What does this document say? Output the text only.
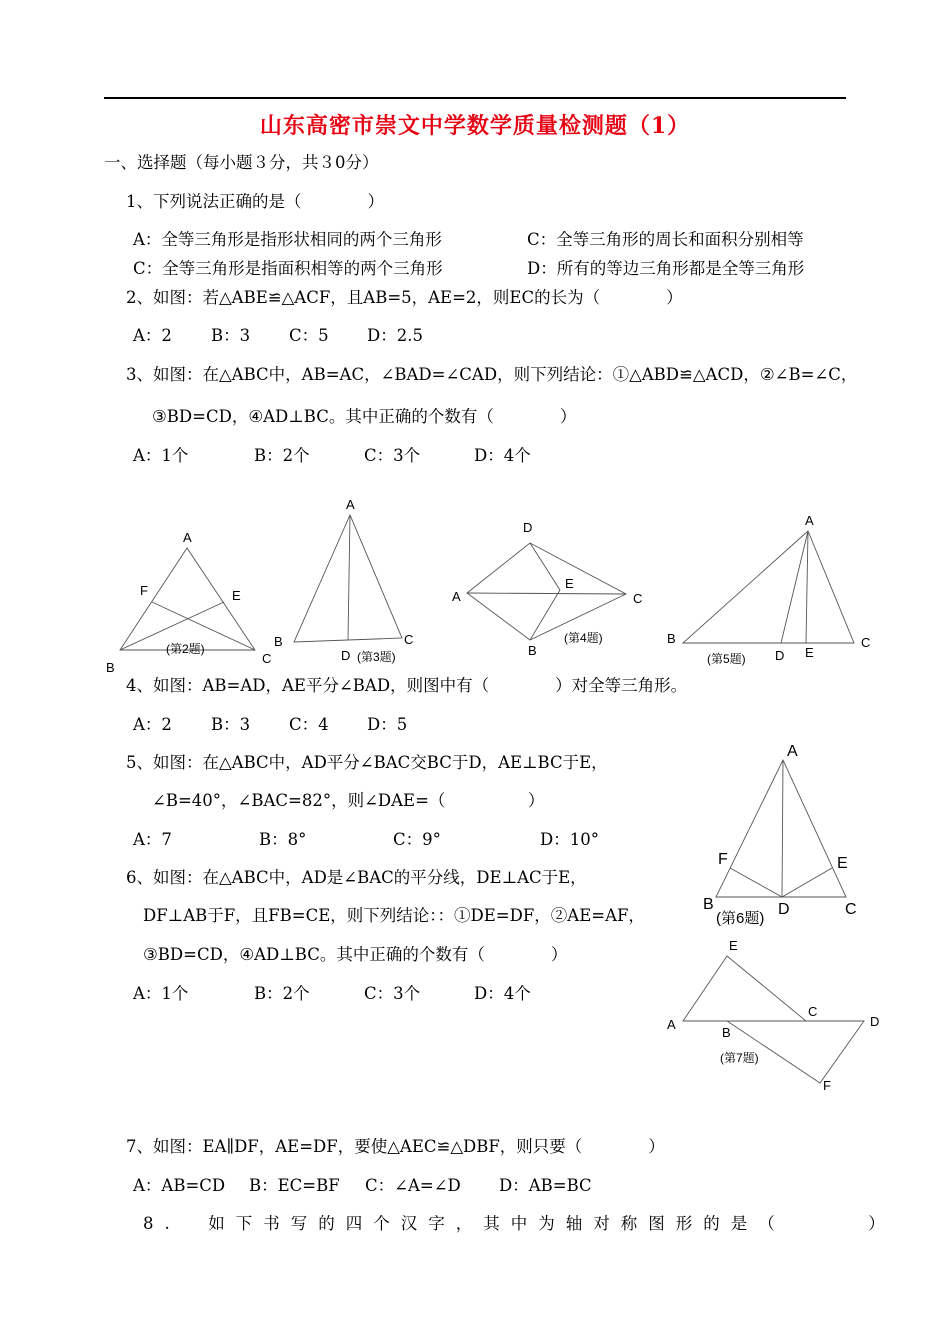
山东高密市崇文中学数学质量检测题（1）
一、选择题（每小题３分，共３0分）
1、下列说法正确的是（　　　　）
A：全等三角形是指形状相同的两个三角形	C：全等三角形的周长和面积分别相等
C：全等三角形是指面积相等的两个三角形	D：所有的等边三角形都是全等三角形
2、如图：若△ABE≌△ACF，且AB=5，AE=2，则EC的长为（　　　　）
A：2 B：3 C：5 D：2.5
3、如图：在△ABC中，AB=AC，∠BAD=∠CAD，则下列结论：①△ABD≌△ACD，②∠B=∠C，
③BD=CD，④AD⊥BC。其中正确的个数有（　　　　）
A：1个	B：2个	C：3个	D：4个
4、如图：AB=AD，AE平分∠BAD，则图中有（　　　　）对全等三角形。
A：2 B：3 C：4 D：5
5、如图：在△ABC中，AD平分∠BAC交BC于D，AE⊥BC于E，
∠B=40°，∠BAC=82°，则∠DAE=（　　　　　）
A：7	B：8°	C：9°	D：10°
6、如图：在△ABC中，AD是∠BAC的平分线，DE⊥AC于E，
DF⊥AB于F，且FB=CE，则下列结论：：①DE=DF，②AE=AF，
③BD=CD，④AD⊥BC。其中正确的个数有（　　　　）
A：1个	B：2个	C：3个	D：4个
7、如图：EA∥DF，AE=DF，要使△AEC≌△DBF，则只要（　　　　）
A：AB=CD B：EC=BF C：∠A=∠D D：AB=BC
8.　如下书写的四个汉字，其中为轴对称图形的是（　　　）
A
F	E
B
C
(第2题)
A
B
D
C
(第3题)
D
A
E
C
B
(第4题)
A
B
D E
C
(第5题)
A
F	E
B	D	C
(第6题)
E
C
A
B
D
F
(第7题)
